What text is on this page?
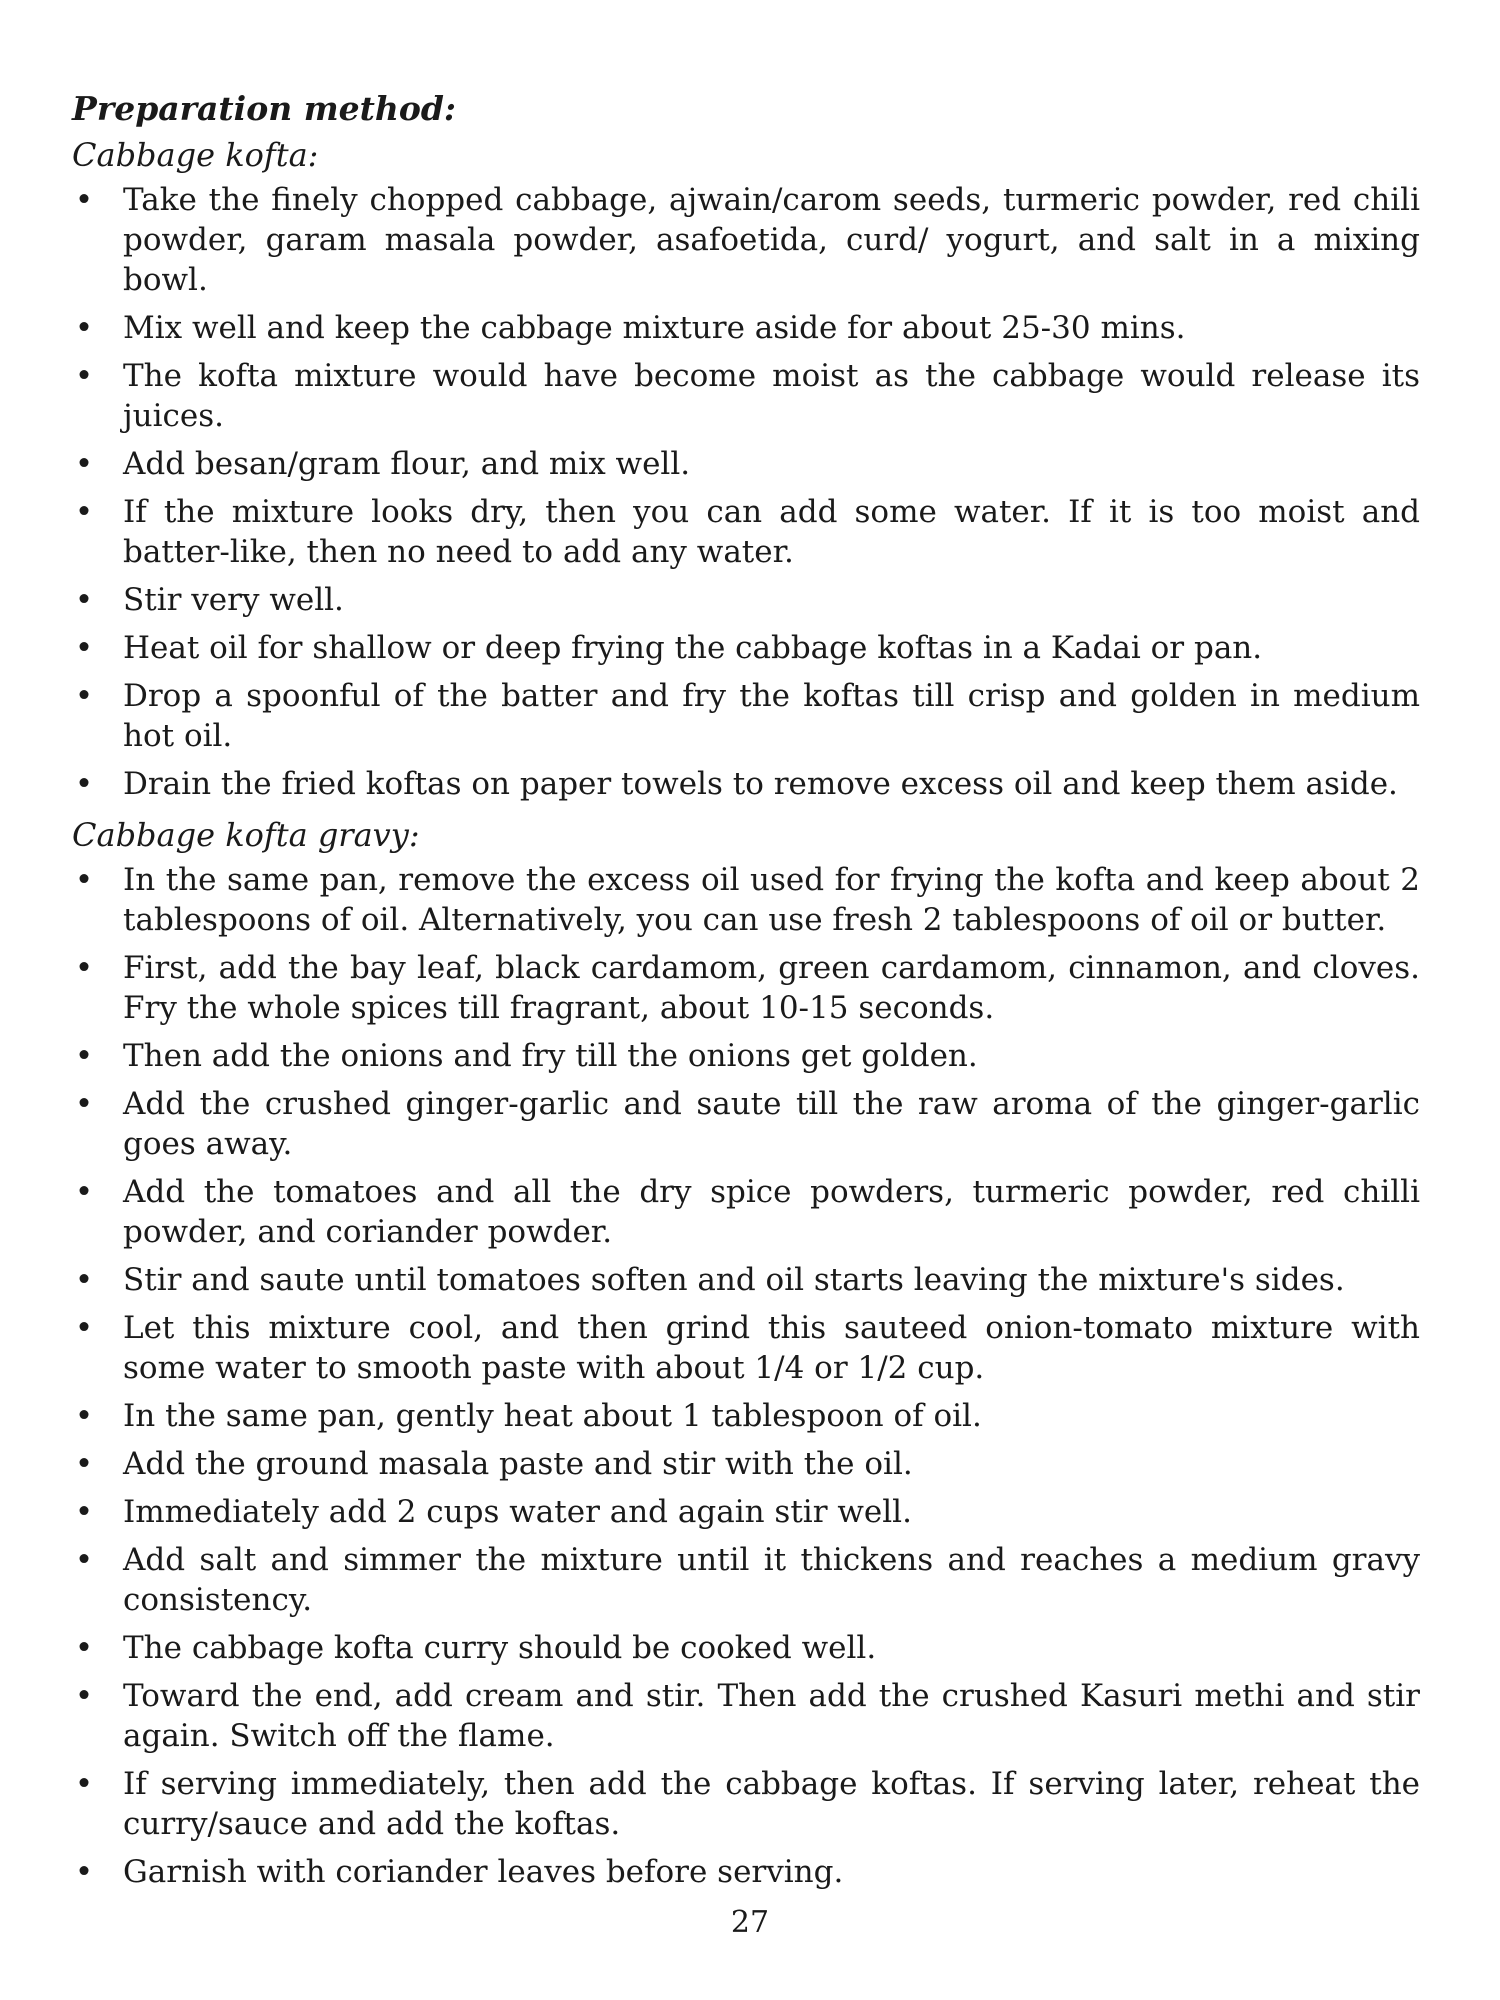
Preparation method:
Cabbage kofta:
• Take the finely chopped cabbage, ajwain/carom seeds, turmeric powder, red chili powder, garam masala powder, asafoetida, curd/ yogurt, and salt in a mixing bowl.
• Mix well and keep the cabbage mixture aside for about 25-30 mins.
• The kofta mixture would have become moist as the cabbage would release its juices.
• Add besan/gram flour, and mix well.
• If the mixture looks dry, then you can add some water. If it is too moist and batter-like, then no need to add any water.
• Stir very well.
• Heat oil for shallow or deep frying the cabbage koftas in a Kadai or pan.
• Drop a spoonful of the batter and fry the koftas till crisp and golden in medium hot oil.
• Drain the fried koftas on paper towels to remove excess oil and keep them aside.
Cabbage kofta gravy:
• In the same pan, remove the excess oil used for frying the kofta and keep about 2 tablespoons of oil. Alternatively, you can use fresh 2 tablespoons of oil or butter.
• First, add the bay leaf, black cardamom, green cardamom, cinnamon, and cloves. Fry the whole spices till fragrant, about 10-15 seconds.
• Then add the onions and fry till the onions get golden.
• Add the crushed ginger-garlic and saute till the raw aroma of the ginger-garlic goes away.
• Add the tomatoes and all the dry spice powders, turmeric powder, red chilli powder, and coriander powder.
• Stir and saute until tomatoes soften and oil starts leaving the mixture's sides.
• Let this mixture cool, and then grind this sauteed onion-tomato mixture with some water to smooth paste with about 1/4 or 1/2 cup.
• In the same pan, gently heat about 1 tablespoon of oil.
• Add the ground masala paste and stir with the oil.
• Immediately add 2 cups water and again stir well.
• Add salt and simmer the mixture until it thickens and reaches a medium gravy consistency.
• The cabbage kofta curry should be cooked well.
• Toward the end, add cream and stir. Then add the crushed Kasuri methi and stir again. Switch off the flame.
• If serving immediately, then add the cabbage koftas. If serving later, reheat the curry/sauce and add the koftas.
• Garnish with coriander leaves before serving.
27
